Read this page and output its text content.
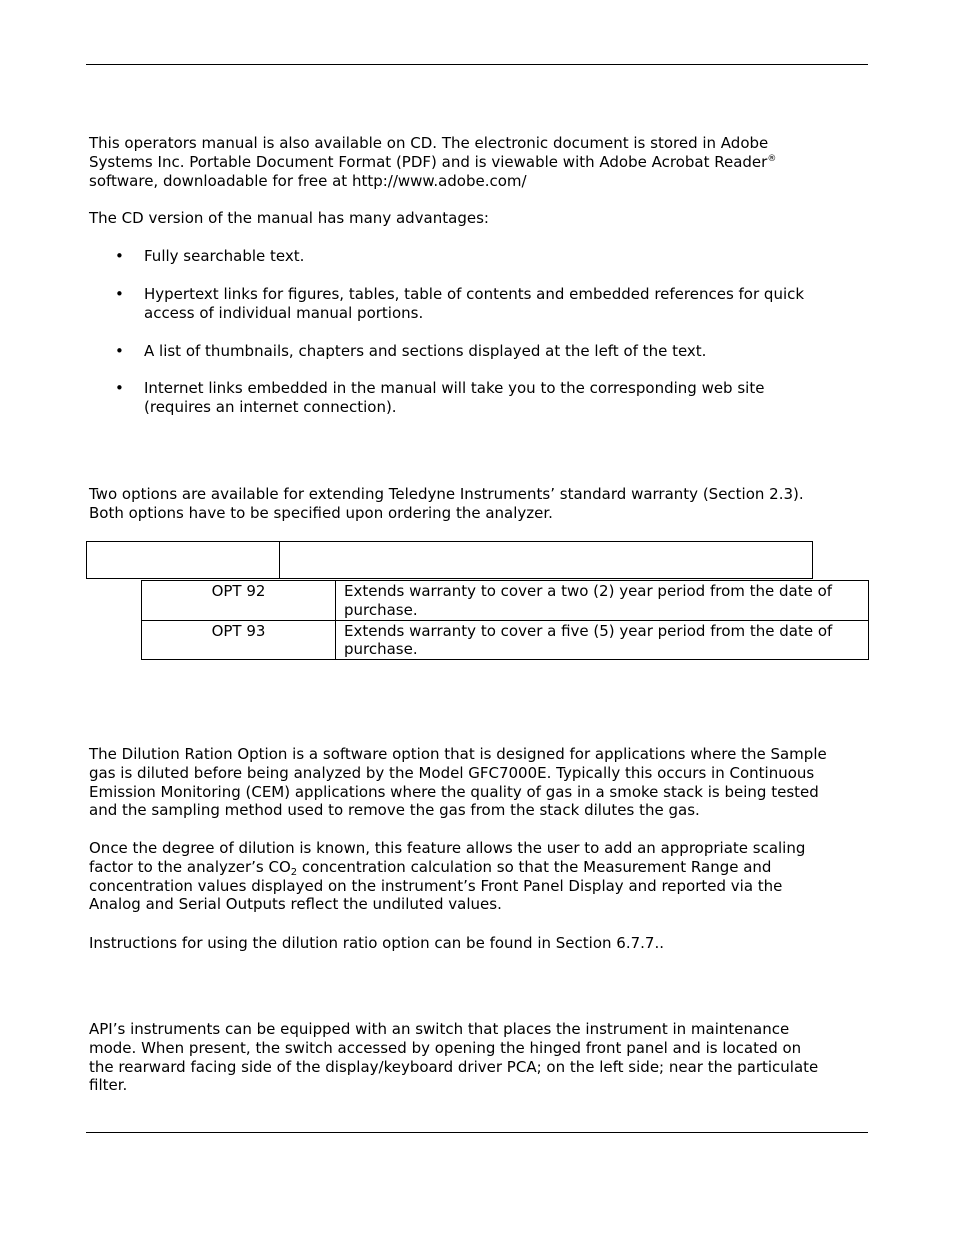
This operators manual is also available on CD. The electronic document is stored in Adobe
Systems Inc. Portable Document Format (PDF) and is viewable with Adobe Acrobat Reader®
software, downloadable for free at http://www.adobe.com/
The CD version of the manual has many advantages:
• Fully searchable text.
• Hypertext links for figures, tables, table of contents and embedded references for quick
access of individual manual portions.
• A list of thumbnails, chapters and sections displayed at the left of the text.
• Internet links embedded in the manual will take you to the corresponding web site
(requires an internet connection).
Two options are available for extending Teledyne Instruments’ standard warranty (Section 2.3).
Both options have to be specified upon ordering the analyzer.
OPT 92	Extends warranty to cover a two (2) year period from the date of
purchase.

OPT 93	Extends warranty to cover a five (5) year period from the date of
purchase.
The Dilution Ration Option is a software option that is designed for applications where the Sample
gas is diluted before being analyzed by the Model GFC7000E. Typically this occurs in Continuous
Emission Monitoring (CEM) applications where the quality of gas in a smoke stack is being tested
and the sampling method used to remove the gas from the stack dilutes the gas.
Once the degree of dilution is known, this feature allows the user to add an appropriate scaling
factor to the analyzer’s $CO_2$ concentration calculation so that the Measurement Range and
concentration values displayed on the instrument’s Front Panel Display and reported via the
Analog and Serial Outputs reflect the undiluted values.
Instructions for using the dilution ratio option can be found in Section 6.7.7..
API’s instruments can be equipped with an switch that places the instrument in maintenance
mode. When present, the switch accessed by opening the hinged front panel and is located on
the rearward facing side of the display/keyboard driver PCA; on the left side; near the particulate
filter.
